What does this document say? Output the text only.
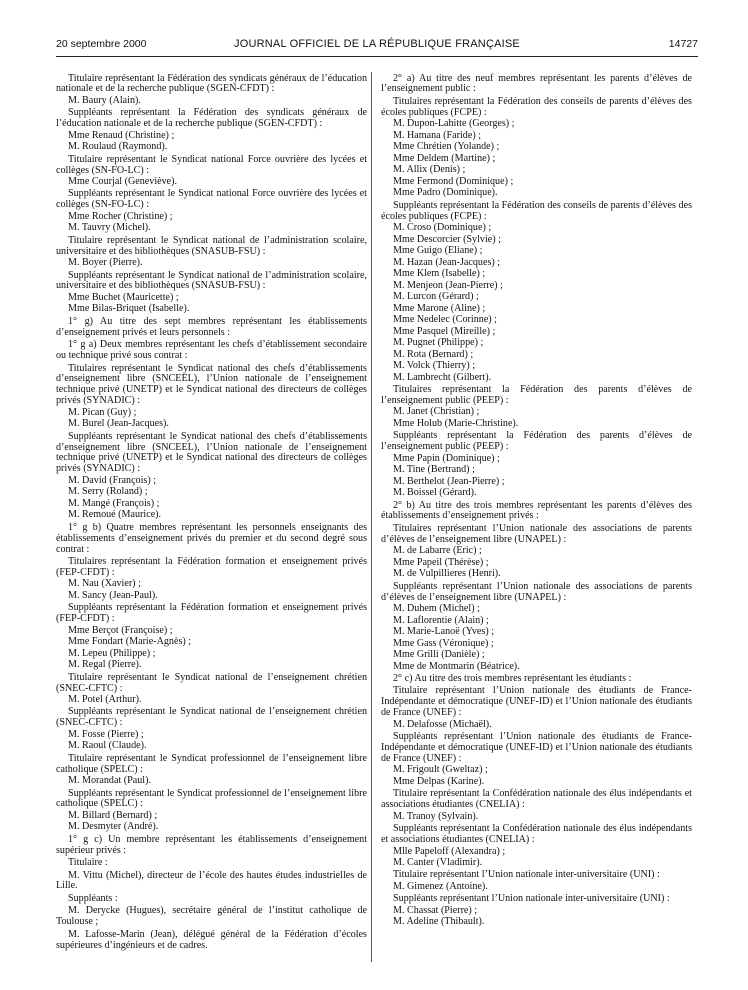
20 septembre 2000	JOURNAL OFFICIEL DE LA RÉPUBLIQUE FRANÇAISE	14727

Titulaire représentant la Fédération des syndicats généraux de l’éducation nationale et de la recherche publique (SGEN-CFDT) :

M. Baury (Alain).

Suppléants représentant la Fédération des syndicats généraux de l’éducation nationale et de la recherche publique (SGEN-CFDT) :

Mme Renaud (Christine) ;

M. Roulaud (Raymond).

Titulaire représentant le Syndicat national Force ouvrière des lycées et collèges (SN-FO-LC) :

Mme Courjal (Geneviève).

Suppléants représentant le Syndicat national Force ouvrière des lycées et collèges (SN-FO-LC) :

Mme Rocher (Christine) ;

M. Tauvry (Michel).

Titulaire représentant le Syndicat national de l’administration scolaire, universitaire et des bibliothèques (SNASUB-FSU) :

M. Boyer (Pierre).

Suppléants représentant le Syndicat national de l’administration scolaire, universitaire et des bibliothèques (SNASUB-FSU) :

Mme Buchet (Mauricette) ;

Mme Bilas-Briquet (Isabelle).

1° g) Au titre des sept membres représentant les établissements d’enseignement privés et leurs personnels :

1° g a) Deux membres représentant les chefs d’établissement secondaire ou technique privé sous contrat :

Titulaires représentant le Syndicat national des chefs d’établissements d’enseignement libre (SNCEEL), l’Union nationale de l’enseignement technique privé (UNETP) et le Syndicat national des directeurs de collèges privés (SYNADIC) :

M. Pican (Guy) ;

M. Burel (Jean-Jacques).

Suppléants représentant le Syndicat national des chefs d’établissements d’enseignement libre (SNCEEL), l’Union nationale de l’enseignement technique privé (UNETP) et le Syndicat national des directeurs de collèges privés (SYNADIC) :

M. David (François) ;

M. Serry (Roland) ;

M. Mangé (François) ;

M. Remoué (Maurice).

1° g b) Quatre membres représentant les personnels enseignants des établissements d’enseignement privés du premier et du second degré sous contrat :

Titulaires représentant la Fédération formation et enseignement privés (FEP-CFDT) :

M. Nau (Xavier) ;

M. Sancy (Jean-Paul).

Suppléants représentant la Fédération formation et enseignement privés (FEP-CFDT) :

Mme Berçot (Françoise) ;

Mme Fondart (Marie-Agnès) ;

M. Lepeu (Philippe) ;

M. Regal (Pierre).

Titulaire représentant le Syndicat national de l’enseignement chrétien (SNEC-CFTC) :

M. Potel (Arthur).

Suppléants représentant le Syndicat national de l’enseignement chrétien (SNEC-CFTC) :

M. Fosse (Pierre) ;

M. Raoul (Claude).

Titulaire représentant le Syndicat professionnel de l’enseignement libre catholique (SPELC) :

M. Morandat (Paul).

Suppléants représentant le Syndicat professionnel de l’enseignement libre catholique (SPELC) :

M. Billard (Bernard) ;

M. Desmyter (André).

1° g c) Un membre représentant les établissements d’enseignement supérieur privés :

Titulaire :

M. Vittu (Michel), directeur de l’école des hautes études industrielles de Lille.

Suppléants :

M. Derycke (Hugues), secrétaire général de l’institut catholique de Toulouse ;

M. Lafosse-Marin (Jean), délégué général de la Fédération d’écoles supérieures d’ingénieurs et de cadres.

2° a) Au titre des neuf membres représentant les parents d’élèves de l’enseignement public :

Titulaires représentant la Fédération des conseils de parents d’élèves des écoles publiques (FCPE) :

M. Dupon-Lahitte (Georges) ;

M. Hamana (Faride) ;

Mme Chrétien (Yolande) ;

Mme Deldem (Martine) ;

M. Allix (Denis) ;

Mme Fermond (Dominique) ;

Mme Padro (Dominique).

Suppléants représentant la Fédération des conseils de parents d’élèves des écoles publiques (FCPE) :

M. Croso (Dominique) ;

Mme Descorcier (Sylvie) ;

Mme Guigo (Eliane) ;

M. Hazan (Jean-Jacques) ;

Mme Klem (Isabelle) ;

M. Menjeon (Jean-Pierre) ;

M. Lurcon (Gérard) ;

Mme Marone (Aline) ;

Mme Nedelec (Corinne) ;

Mme Pasquel (Mireille) ;

M. Pugnet (Philippe) ;

M. Rota (Bernard) ;

M. Volck (Thierry) ;

M. Lambrecht (Gilbert).

Titulaires représentant la Fédération des parents d’élèves de l’enseignement public (PEEP) :

M. Janet (Christian) ;

Mme Holub (Marie-Christine).

Suppléants représentant la Fédération des parents d’élèves de l’enseignement public (PEEP) :

Mme Papin (Dominique) ;

M. Tine (Bertrand) ;

M. Berthelot (Jean-Pierre) ;

M. Boissel (Gérard).

2° b) Au titre des trois membres représentant les parents d’élèves des établissements d’enseignement privés :

Titulaires représentant l’Union nationale des associations de parents d’élèves de l’enseignement libre (UNAPEL) :

M. de Labarre (Eric) ;

Mme Papeil (Thérèse) ;

M. de Vulpillieres (Henri).

Suppléants représentant l’Union nationale des associations de parents d’élèves de l’enseignement libre (UNAPEL) :

M. Duhem (Michel) ;

M. Laflorentie (Alain) ;

M. Marie-Lanoë (Yves) ;

Mme Gass (Véronique) ;

Mme Grilli (Danièle) ;

Mme de Montmarin (Béatrice).

2° c) Au titre des trois membres représentant les étudiants :

Titulaire représentant l’Union nationale des étudiants de France-Indépendante et démocratique (UNEF-ID) et l’Union nationale des étudiants de France (UNEF) :

M. Delafosse (Michaël).

Suppléants représentant l’Union nationale des étudiants de France-Indépendante et démocratique (UNEF-ID) et l’Union nationale des étudiants de France (UNEF) :

M. Frigoult (Gweltaz) ;

Mme Delpas (Karine).

Titulaire représentant la Confédération nationale des élus indépendants et associations étudiantes (CNELIA) :

M. Tranoy (Sylvain).

Suppléants représentant la Confédération nationale des élus indépendants et associations étudiantes (CNELIA) :

Mlle Papeloff (Alexandra) ;

M. Canter (Vladimir).

Titulaire représentant l’Union nationale inter-universitaire (UNI) :

M. Gimenez (Antoine).

Suppléants représentant l’Union nationale inter-universitaire (UNI) :

M. Chassat (Pierre) ;

M. Adeline (Thibault).
